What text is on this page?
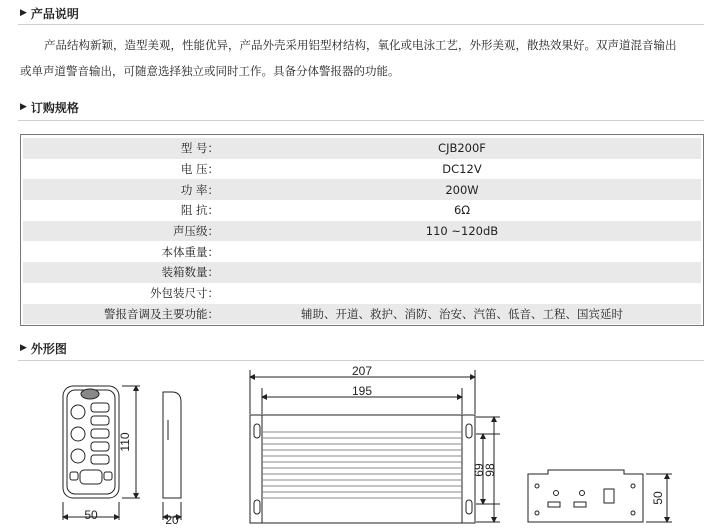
▶ 产品说明
产品结构新颖，造型美观，性能优异，产品外壳采用铝型材结构，氧化或电泳工艺，外形美观，散热效果好。双声道混音输出
或单声道警音输出，可随意选择独立或同时工作。具备分体警报器的功能。
▶ 订购规格
型 号：	CJB200F
电 压：	DC12V
功 率：	200W
阻 抗：	6Ω
声压级：	110 ~120dB
本体重量：	
装箱数量：	
外包装尺寸：	
警报音调及主要功能：	辅助、开道、救护、消防、治安、汽笛、低音、工程、国宾延时
▶ 外形图
50
110
20
207
195
69
98
50
